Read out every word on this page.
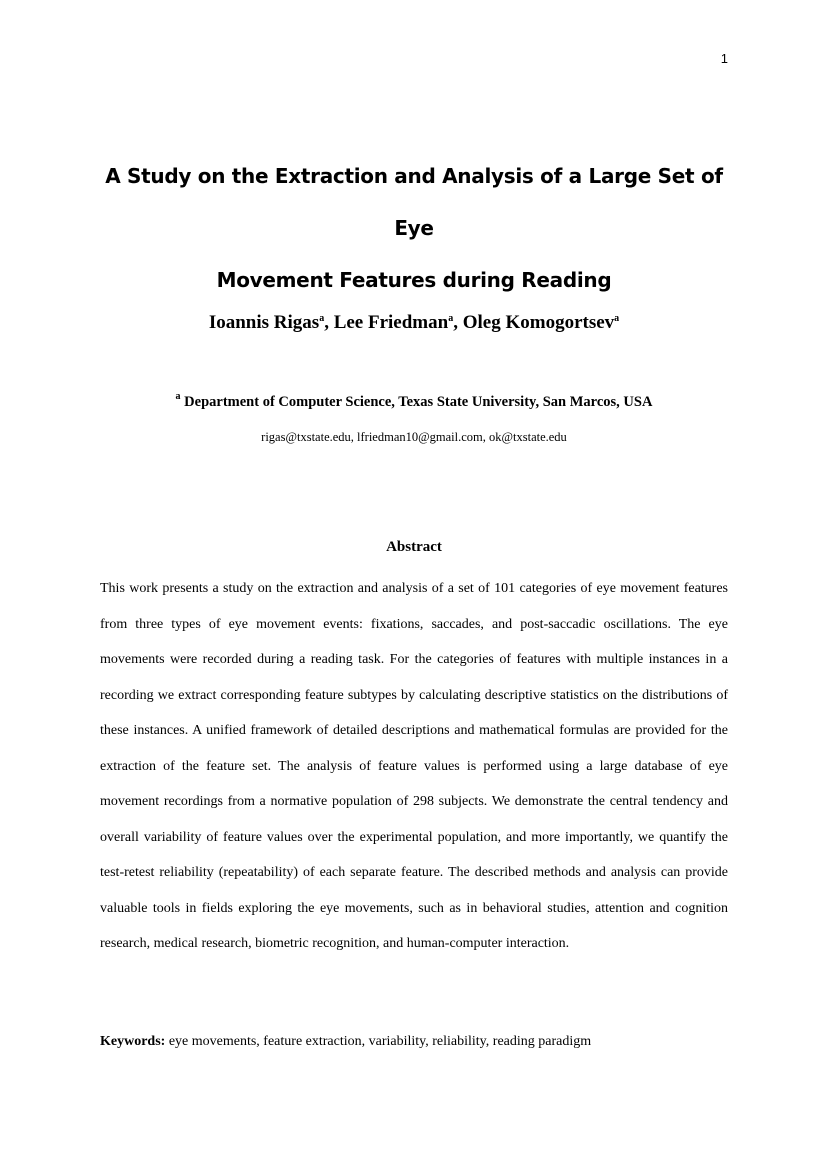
1
A Study on the Extraction and Analysis of a Large Set of Eye
Movement Features during Reading
Ioannis Rigas$^a$, Lee Friedman$^a$, Oleg Komogortsev$^a$
$^a$ Department of Computer Science, Texas State University, San Marcos, USA
rigas@txstate.edu, lfriedman10@gmail.com, ok@txstate.edu
Abstract

This work presents a study on the extraction and analysis of a set of 101 categories of eye movement features from three types of eye movement events: fixations, saccades, and post-saccadic oscillations. The eye movements were recorded during a reading task. For the categories of features with multiple instances in a recording we extract corresponding feature subtypes by calculating descriptive statistics on the distributions of these instances. A unified framework of detailed descriptions and mathematical formulas are provided for the extraction of the feature set. The analysis of feature values is performed using a large database of eye movement recordings from a normative population of 298 subjects. We demonstrate the central tendency and overall variability of feature values over the experimental population, and more importantly, we quantify the test-retest reliability (repeatability) of each separate feature. The described methods and analysis can provide valuable tools in fields exploring the eye movements, such as in behavioral studies, attention and cognition research, medical research, biometric recognition, and human-computer interaction.

Keywords: eye movements, feature extraction, variability, reliability, reading paradigm
